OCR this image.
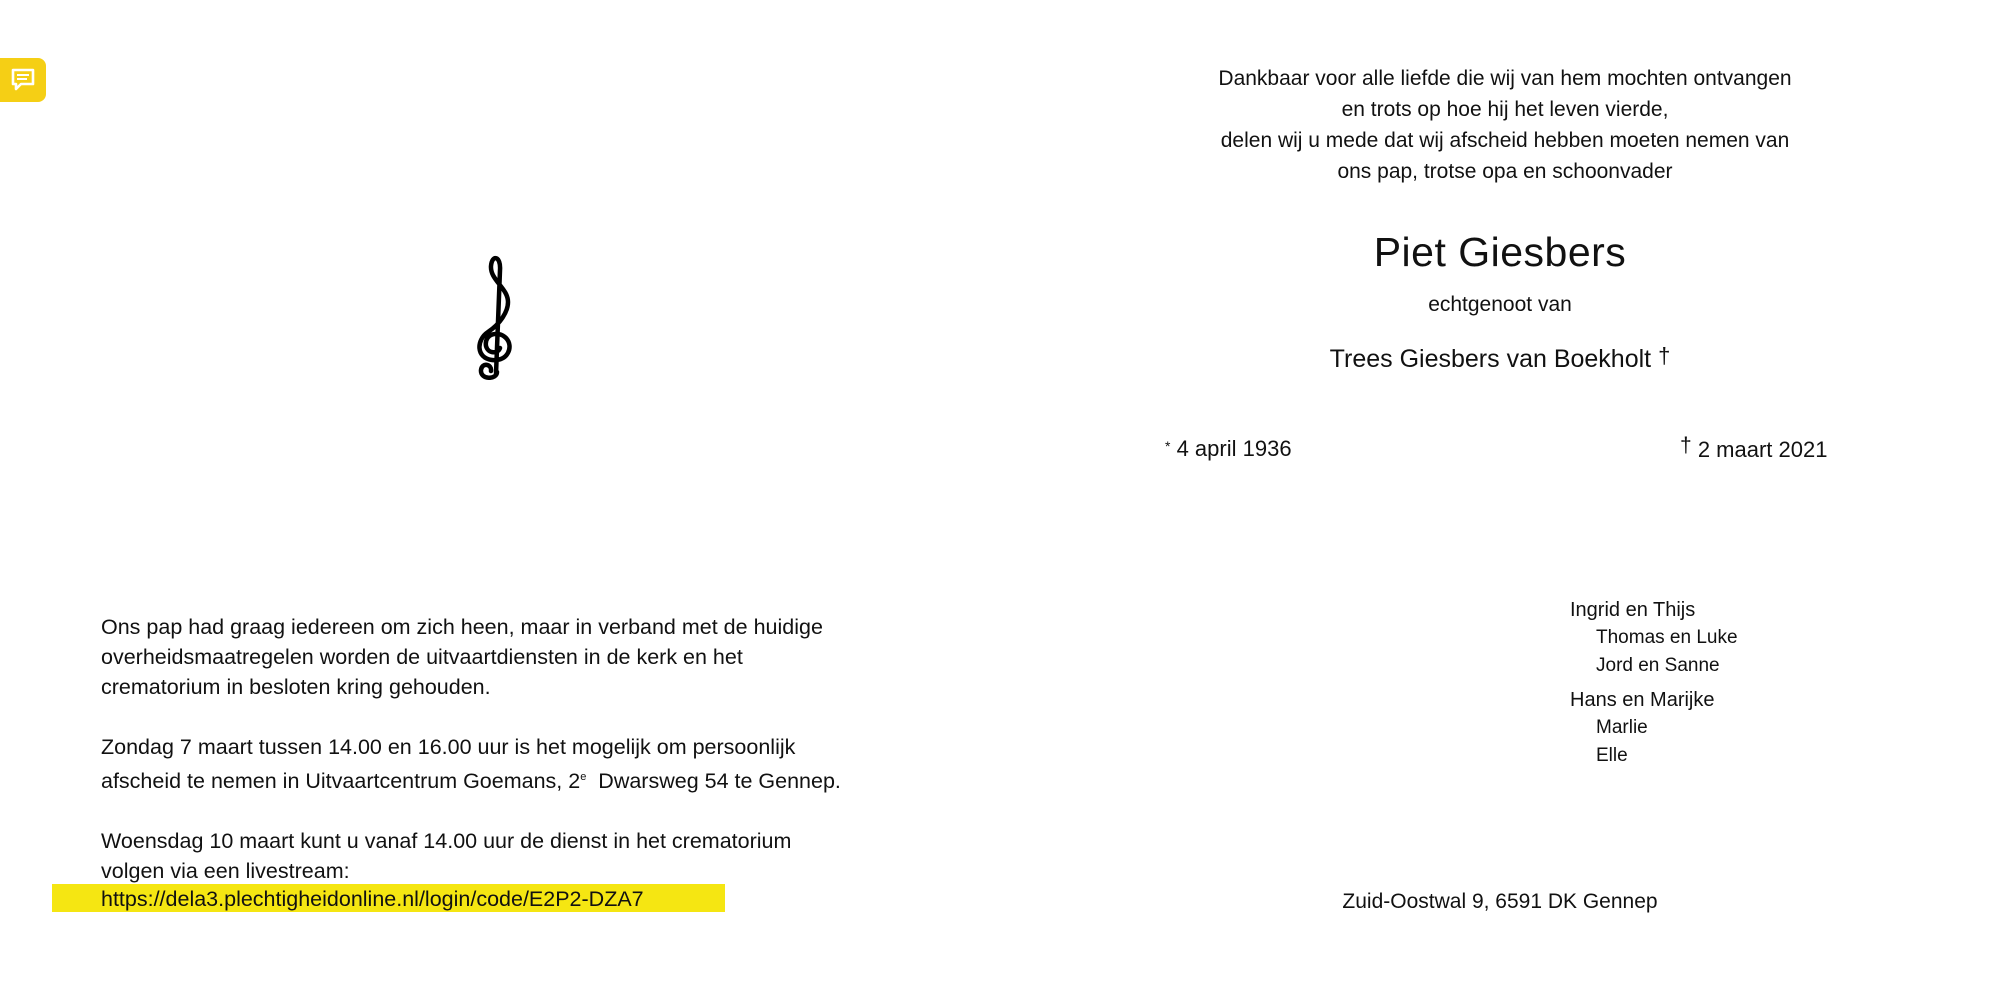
Dankbaar voor alle liefde die wij van hem mochten ontvangen
en trots op hoe hij het leven vierde,
delen wij u mede dat wij afscheid hebben moeten nemen van
ons pap, trotse opa en schoonvader
Piet Giesbers
echtgenoot van
Trees Giesbers van Boekholt †
* 4 april 1936	† 2 maart 2021
Ingrid en Thijs
Thomas en Luke
Jord en Sanne
Hans en Marijke
Marlie
Elle
Zuid-Oostwal 9, 6591 DK Gennep
Ons pap had graag iedereen om zich heen, maar in verband met de huidige
overheidsmaatregelen worden de uitvaartdiensten in de kerk en het
crematorium in besloten kring gehouden.
Zondag 7 maart tussen 14.00 en 16.00 uur is het mogelijk om persoonlijk
afscheid te nemen in Uitvaartcentrum Goemans, 2e  Dwarsweg 54 te Gennep.
Woensdag 10 maart kunt u vanaf 14.00 uur de dienst in het crematorium
volgen via een livestream:
https://dela3.plechtigheidonline.nl/login/code/E2P2-DZA7
